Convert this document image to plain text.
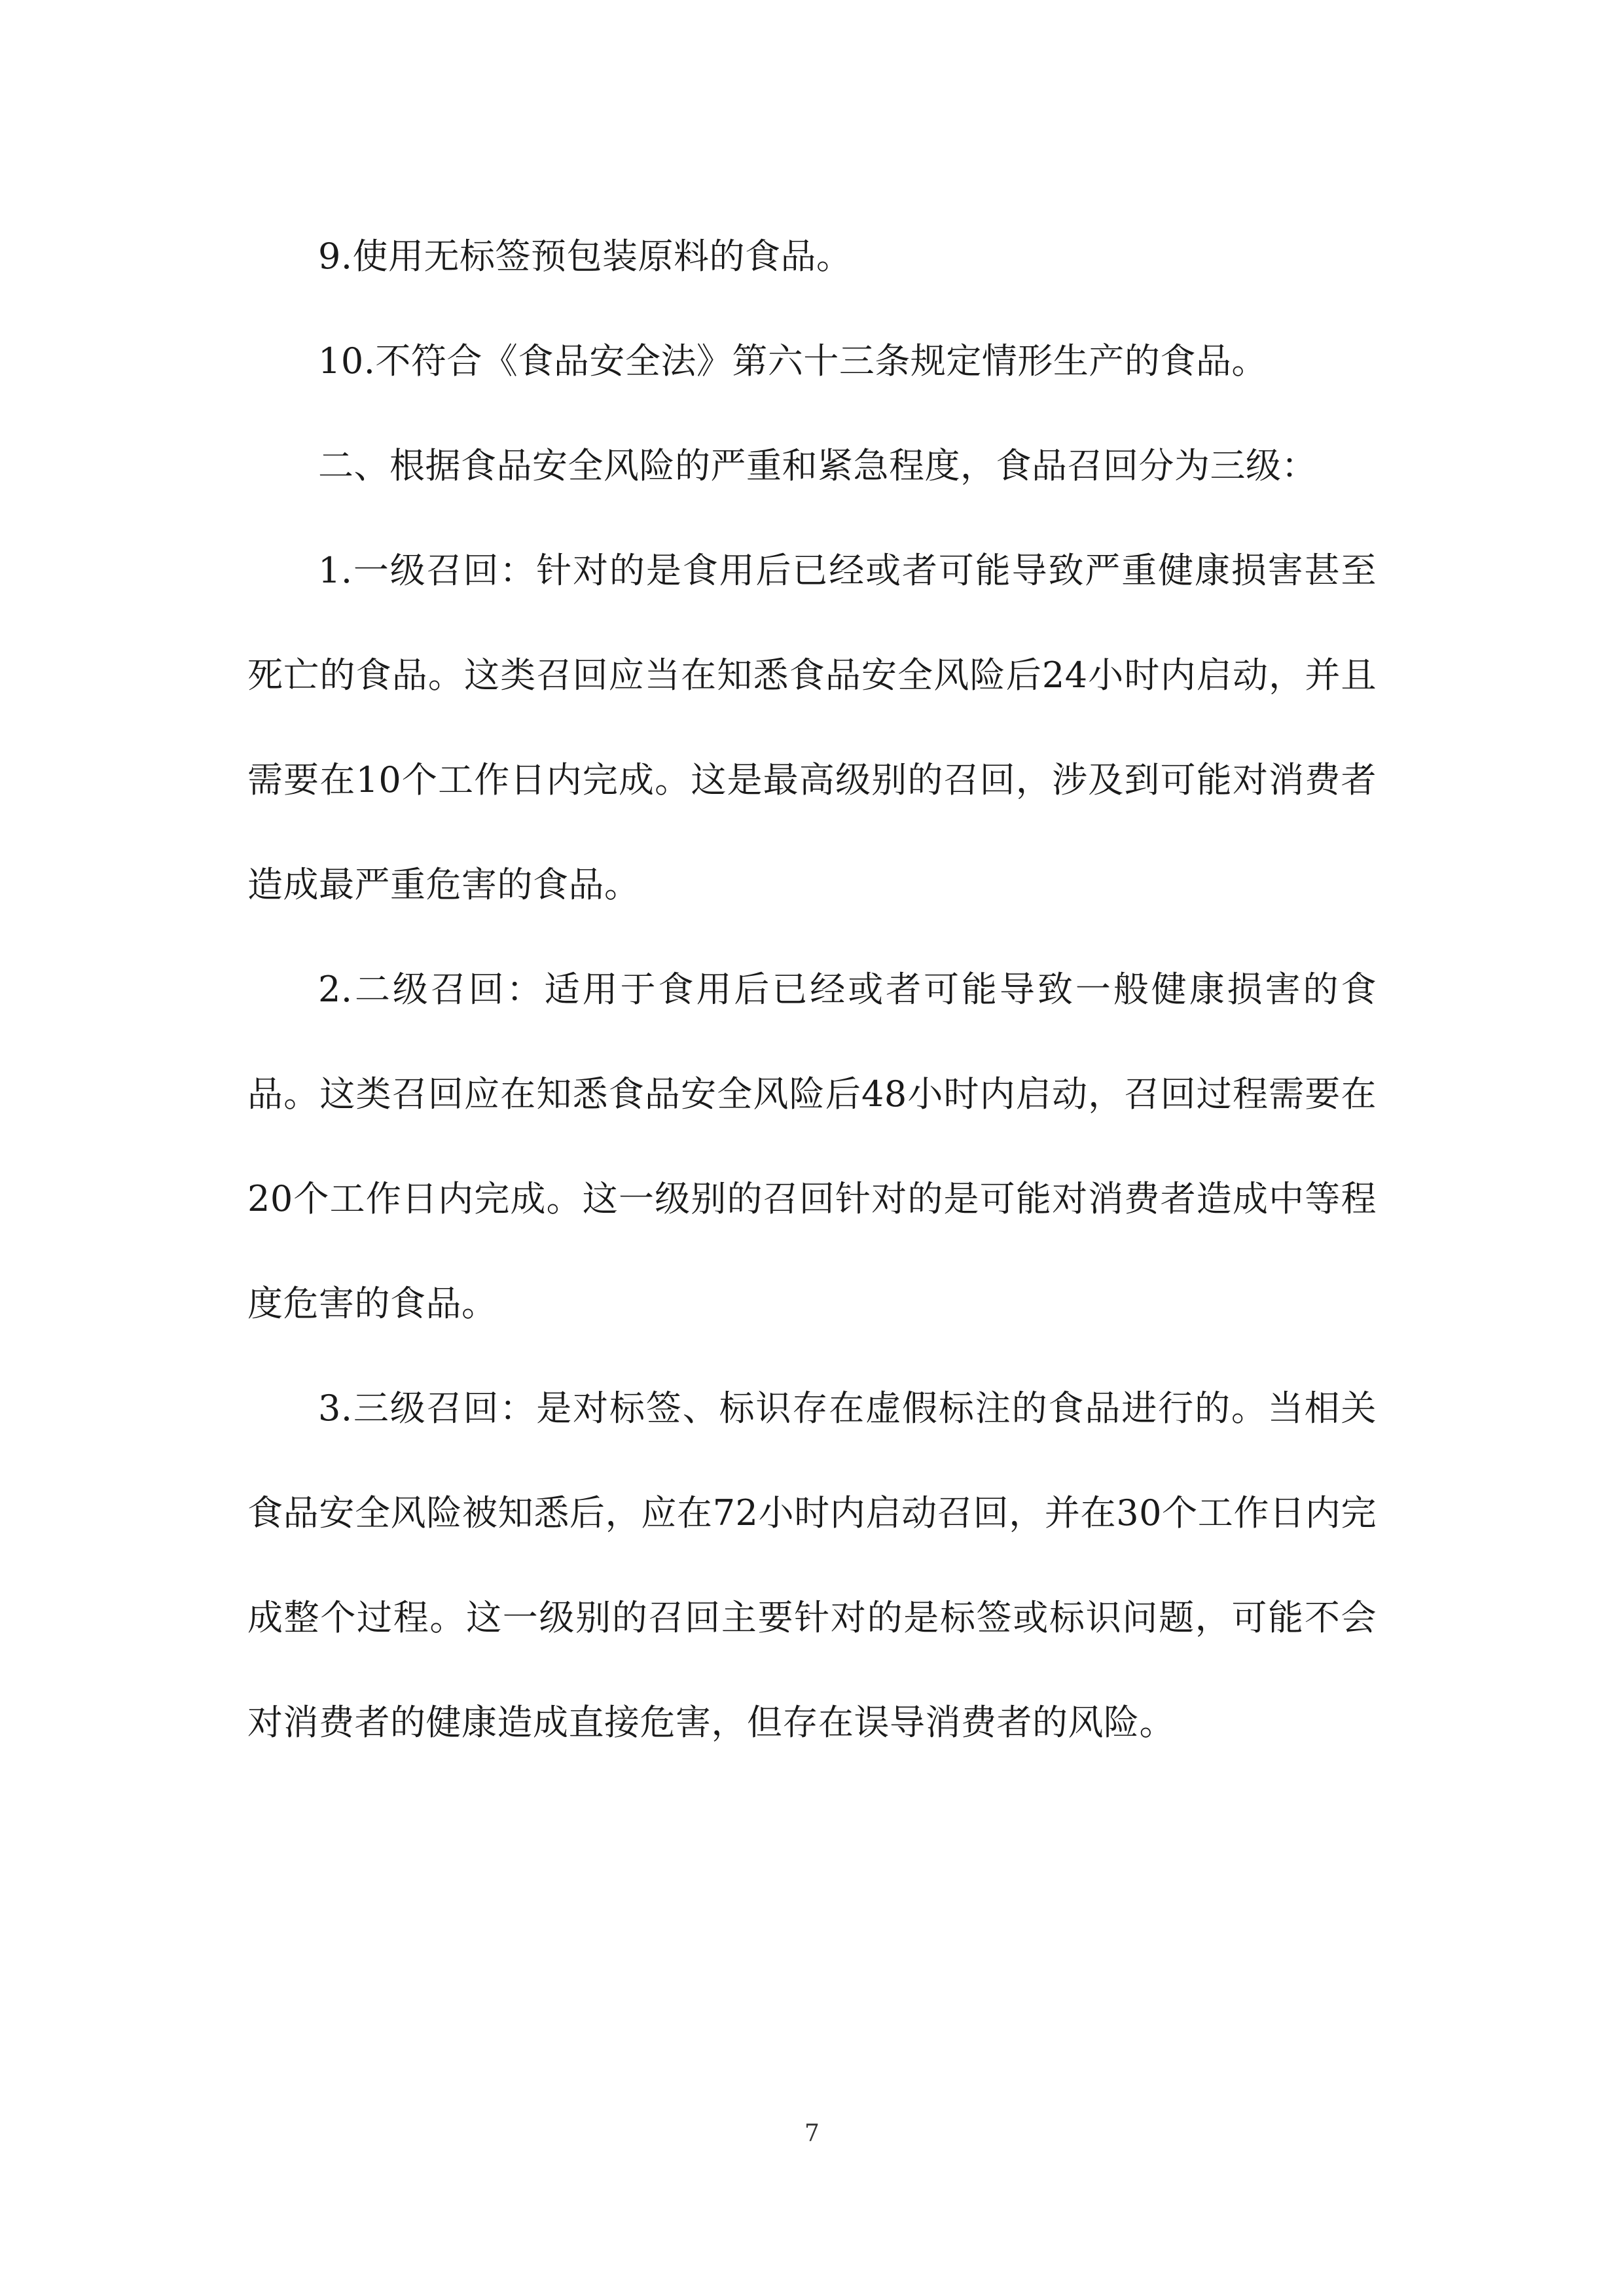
9.使用无标签预包装原料的食品。

10.不符合《食品安全法》第六十三条规定情形生产的食品。

二、根据食品安全风险的严重和紧急程度，食品召回分为三级：

1.一级召回：针对的是食用后已经或者可能导致严重健康损害甚至死亡的食品。这类召回应当在知悉食品安全风险后24小时内启动，并且需要在10个工作日内完成。这是最高级别的召回，涉及到可能对消费者造成最严重危害的食品。

2.二级召回：适用于食用后已经或者可能导致一般健康损害的食品。这类召回应在知悉食品安全风险后48小时内启动，召回过程需要在20个工作日内完成。这一级别的召回针对的是可能对消费者造成中等程度危害的食品。

3.三级召回：是对标签、标识存在虚假标注的食品进行的。当相关食品安全风险被知悉后，应在72小时内启动召回，并在30个工作日内完成整个过程。这一级别的召回主要针对的是标签或标识问题，可能不会对消费者的健康造成直接危害，但存在误导消费者的风险。

7
